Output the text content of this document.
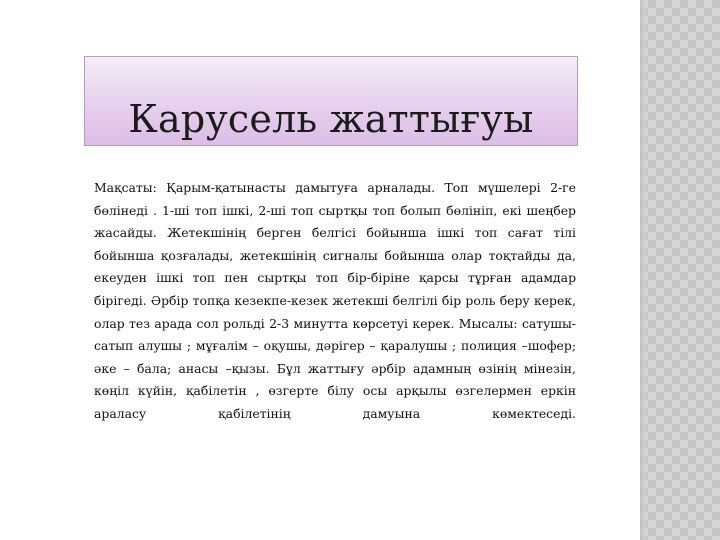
Карусель жаттығуы

Мақсаты: Қарым-қатынасты дамытуға арналады. Топ мүшелері 2-ге бөлінеді . 1-ші топ ішкі, 2-ші топ сыртқы топ болып бөлініп, екі шеңбер жасайды. Жетекшінің берген белгісі бойынша ішкі топ сағат тілі бойынша қозғалады, жетекшінің сигналы бойынша олар тоқтайды да, екеуден ішкі топ пен сыртқы топ бір-біріне қарсы тұрған адамдар бірігеді. Әрбір топқа кезекпе-кезек жетекші белгілі бір роль беру керек, олар тез арада сол рольді 2-3 минутта көрсетуі керек. Мысалы: сатушы- сатып алушы ; мұғалім – оқушы, дәрігер – қаралушы ; полиция –шофер; әке – бала; анасы –қызы. Бұл жаттығу әрбір адамның өзінің мінезін, көңіл күйін, қабілетін , өзгерте білу осы арқылы өзгелермен еркін араласу қабілетінің дамуына көмектеседі.
